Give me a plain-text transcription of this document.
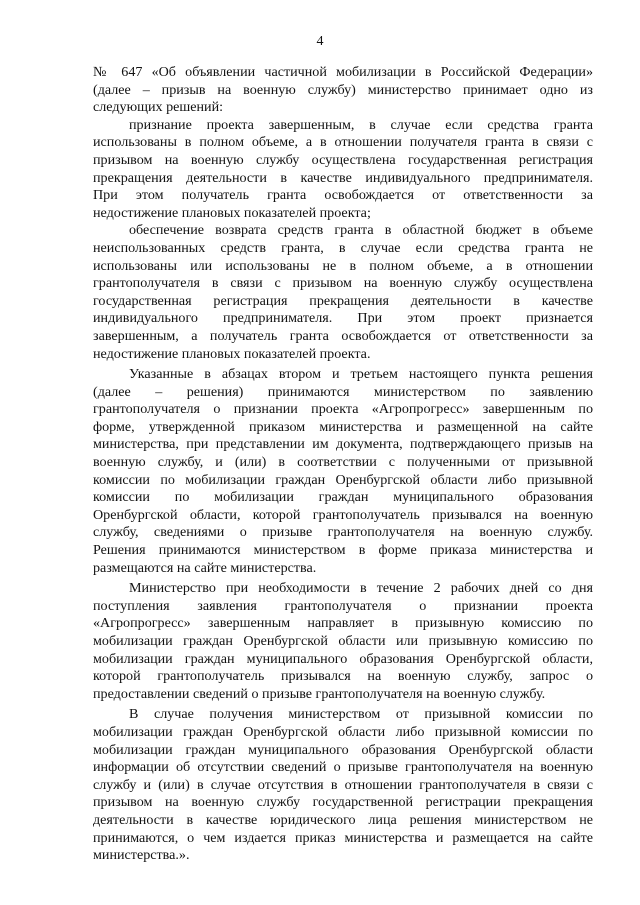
4
№ 647 «Об объявлении частичной мобилизации в Российской Федерации»
(далее – призыв на военную службу) министерство принимает одно из
следующих решений:
признание проекта завершенным, в случае если средства гранта
использованы в полном объеме, а в отношении получателя гранта в связи с
призывом на военную службу осуществлена государственная регистрация
прекращения деятельности в качестве индивидуального предпринимателя.
При этом получатель гранта освобождается от ответственности за
недостижение плановых показателей проекта;
обеспечение возврата средств гранта в областной бюджет в объеме
неиспользованных средств гранта, в случае если средства гранта не
использованы или использованы не в полном объеме, а в отношении
грантополучателя в связи с призывом на военную службу осуществлена
государственная регистрация прекращения деятельности в качестве
индивидуального предпринимателя. При этом проект признается
завершенным, а получатель гранта освобождается от ответственности за
недостижение плановых показателей проекта.
Указанные в абзацах втором и третьем настоящего пункта решения
(далее – решения) принимаются министерством по заявлению
грантополучателя о признании проекта «Агропрогресс» завершенным по
форме, утвержденной приказом министерства и размещенной на сайте
министерства, при представлении им документа, подтверждающего призыв на
военную службу, и (или) в соответствии с полученными от призывной
комиссии по мобилизации граждан Оренбургской области либо призывной
комиссии по мобилизации граждан муниципального образования
Оренбургской области, которой грантополучатель призывался на военную
службу, сведениями о призыве грантополучателя на военную службу.
Решения принимаются министерством в форме приказа министерства и
размещаются на сайте министерства.
Министерство при необходимости в течение 2 рабочих дней со дня
поступления заявления грантополучателя о признании проекта
«Агропрогресс» завершенным направляет в призывную комиссию по
мобилизации граждан Оренбургской области или призывную комиссию по
мобилизации граждан муниципального образования Оренбургской области,
которой грантополучатель призывался на военную службу, запрос о
предоставлении сведений о призыве грантополучателя на военную службу.
В случае получения министерством от призывной комиссии по
мобилизации граждан Оренбургской области либо призывной комиссии по
мобилизации граждан муниципального образования Оренбургской области
информации об отсутствии сведений о призыве грантополучателя на военную
службу и (или) в случае отсутствия в отношении грантополучателя в связи с
призывом на военную службу государственной регистрации прекращения
деятельности в качестве юридического лица решения министерством не
принимаются, о чем издается приказ министерства и размещается на сайте
министерства.».
